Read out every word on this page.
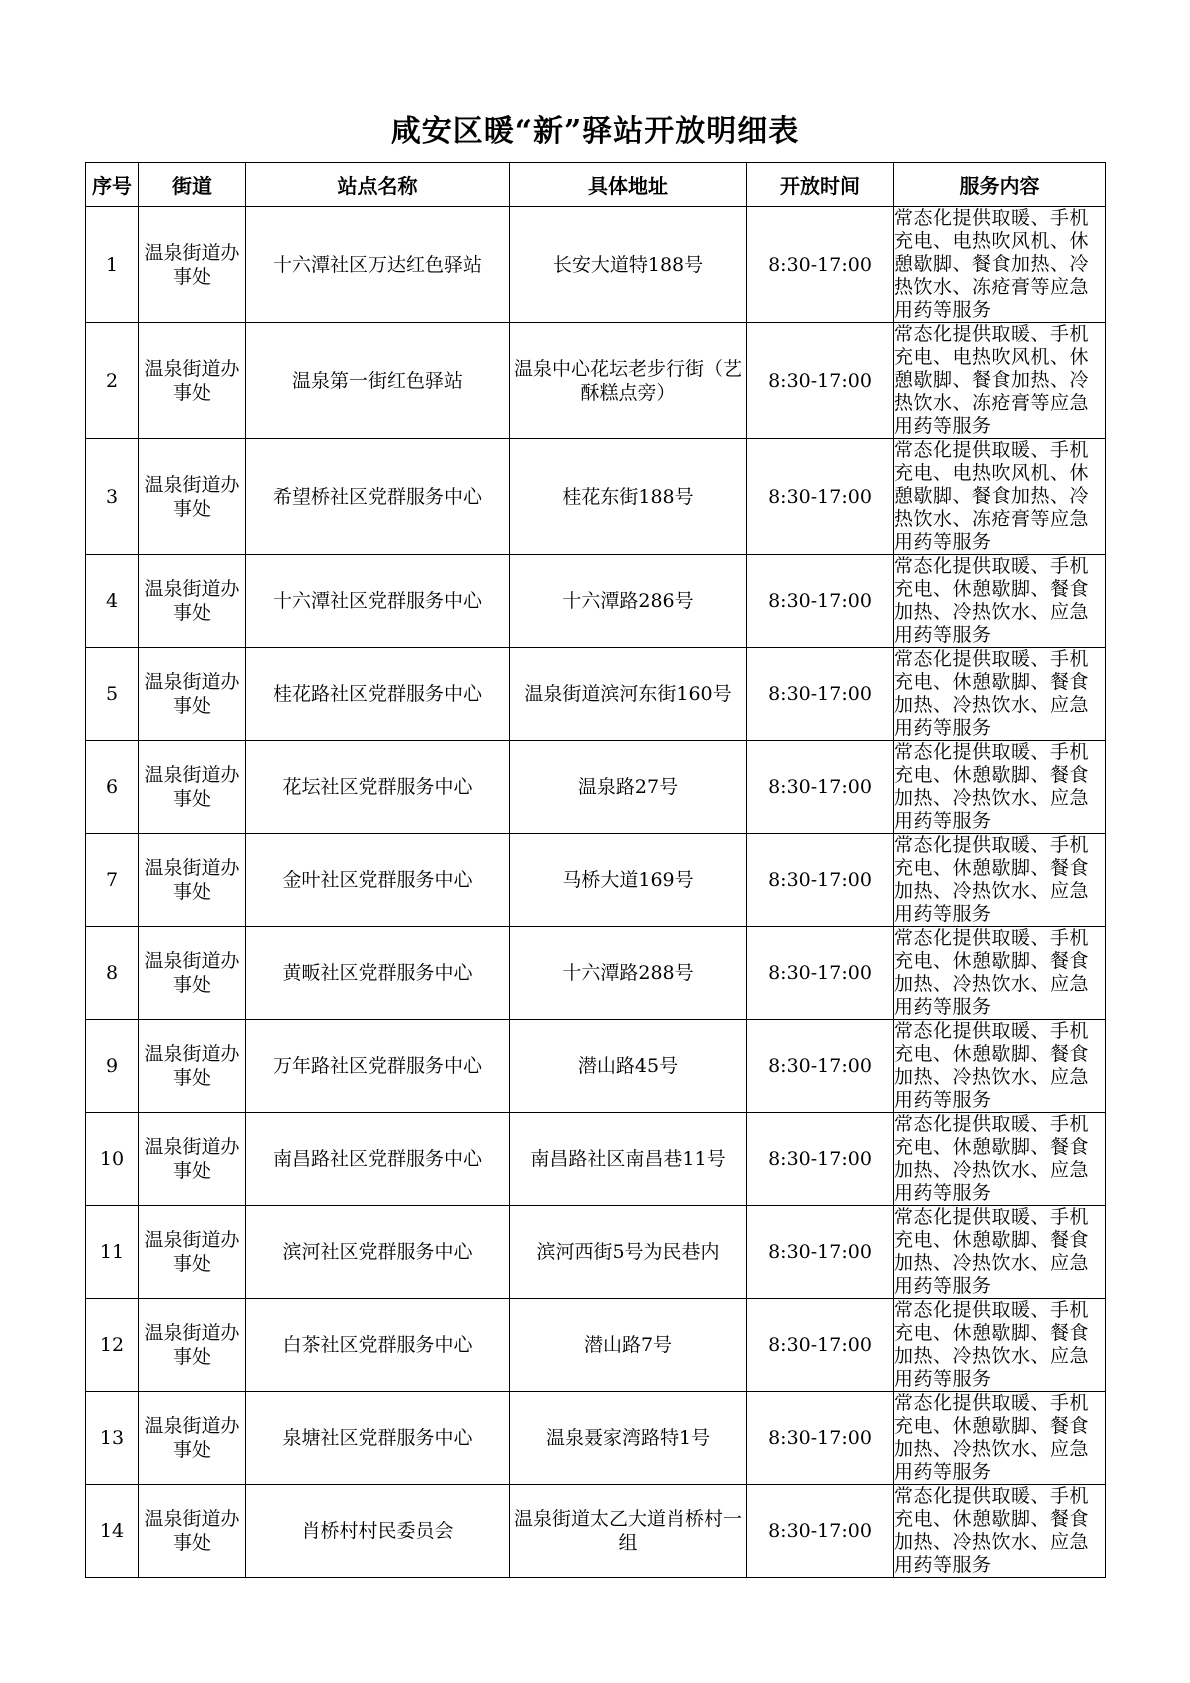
咸安区暖“新”驿站开放明细表
序号	街道	站点名称	具体地址	开放时间	服务内容
1	温泉街道办事处	十六潭社区万达红色驿站	长安大道特188号	8:30-17:00	常态化提供取暖、手机充电、电热吹风机、休憩歇脚、餐食加热、冷热饮水、冻疮膏等应急用药等服务
2	温泉街道办事处	温泉第一街红色驿站	温泉中心花坛老步行街（艺酥糕点旁）	8:30-17:00	常态化提供取暖、手机充电、电热吹风机、休憩歇脚、餐食加热、冷热饮水、冻疮膏等应急用药等服务
3	温泉街道办事处	希望桥社区党群服务中心	桂花东街188号	8:30-17:00	常态化提供取暖、手机充电、电热吹风机、休憩歇脚、餐食加热、冷热饮水、冻疮膏等应急用药等服务
4	温泉街道办事处	十六潭社区党群服务中心	十六潭路286号	8:30-17:00	常态化提供取暖、手机充电、休憩歇脚、餐食加热、冷热饮水、应急用药等服务
5	温泉街道办事处	桂花路社区党群服务中心	温泉街道滨河东街160号	8:30-17:00	常态化提供取暖、手机充电、休憩歇脚、餐食加热、冷热饮水、应急用药等服务
6	温泉街道办事处	花坛社区党群服务中心	温泉路27号	8:30-17:00	常态化提供取暖、手机充电、休憩歇脚、餐食加热、冷热饮水、应急用药等服务
7	温泉街道办事处	金叶社区党群服务中心	马桥大道169号	8:30-17:00	常态化提供取暖、手机充电、休憩歇脚、餐食加热、冷热饮水、应急用药等服务
8	温泉街道办事处	黄畈社区党群服务中心	十六潭路288号	8:30-17:00	常态化提供取暖、手机充电、休憩歇脚、餐食加热、冷热饮水、应急用药等服务
9	温泉街道办事处	万年路社区党群服务中心	潜山路45号	8:30-17:00	常态化提供取暖、手机充电、休憩歇脚、餐食加热、冷热饮水、应急用药等服务
10	温泉街道办事处	南昌路社区党群服务中心	南昌路社区南昌巷11号	8:30-17:00	常态化提供取暖、手机充电、休憩歇脚、餐食加热、冷热饮水、应急用药等服务
11	温泉街道办事处	滨河社区党群服务中心	滨河西街5号为民巷内	8:30-17:00	常态化提供取暖、手机充电、休憩歇脚、餐食加热、冷热饮水、应急用药等服务
12	温泉街道办事处	白茶社区党群服务中心	潜山路7号	8:30-17:00	常态化提供取暖、手机充电、休憩歇脚、餐食加热、冷热饮水、应急用药等服务
13	温泉街道办事处	泉塘社区党群服务中心	温泉聂家湾路特1号	8:30-17:00	常态化提供取暖、手机充电、休憩歇脚、餐食加热、冷热饮水、应急用药等服务
14	温泉街道办事处	肖桥村村民委员会	温泉街道太乙大道肖桥村一组	8:30-17:00	常态化提供取暖、手机充电、休憩歇脚、餐食加热、冷热饮水、应急用药等服务
